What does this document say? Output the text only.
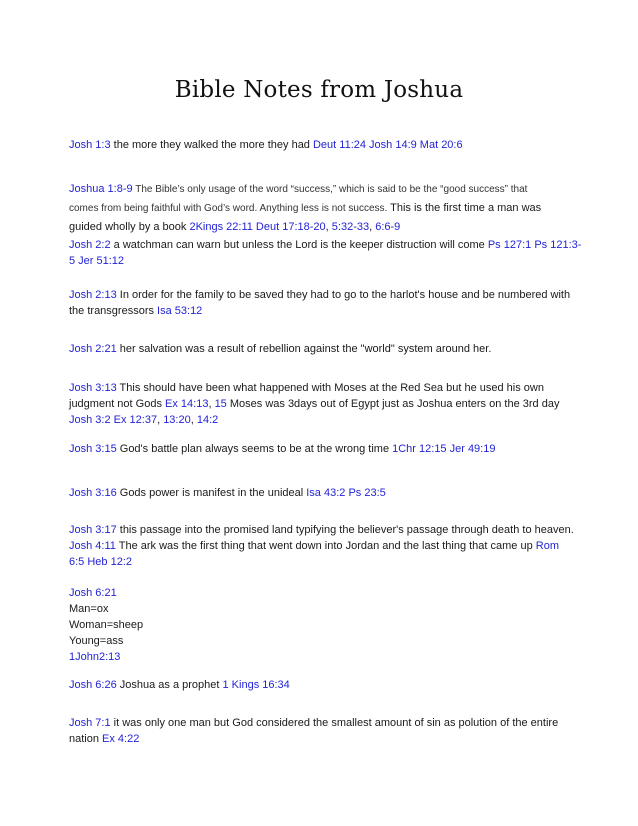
Bible Notes from Joshua
Josh 1:3 the more they walked the more they had Deut 11:24 Josh 14:9 Mat 20:6
Joshua 1:8-9 The Bible’s only usage of the word “success,” which is said to be the “good success” that
comes from being faithful with God’s word. Anything less is not success. This is the first time a man was
guided wholly by a book 2Kings 22:11 Deut 17:18-20, 5:32-33, 6:6-9
Josh 2:2 a watchman can warn but unless the Lord is the keeper distruction will come Ps 127:1 Ps 121:3-
5 Jer 51:12
Josh 2:13 In order for the family to be saved they had to go to the harlot's house and be numbered with
the transgressors Isa 53:12
Josh 2:21 her salvation was a result of rebellion against the "world" system around her.
Josh 3:13 This should have been what happened with Moses at the Red Sea but he used his own
judgment not Gods Ex 14:13, 15 Moses was 3days out of Egypt just as Joshua enters on the 3rd day
Josh 3:2 Ex 12:37, 13:20, 14:2
Josh 3:15 God's battle plan always seems to be at the wrong time 1Chr 12:15 Jer 49:19
Josh 3:16 Gods power is manifest in the unideal Isa 43:2 Ps 23:5
Josh 3:17 this passage into the promised land typifying the believer's passage through death to heaven.
Josh 4:11 The ark was the first thing that went down into Jordan and the last thing that came up Rom
6:5 Heb 12:2
Josh 6:21
Man=ox
Woman=sheep
Young=ass
1John2:13
Josh 6:26 Joshua as a prophet 1 Kings 16:34
Josh 7:1 it was only one man but God considered the smallest amount of sin as polution of the entire
nation Ex 4:22
